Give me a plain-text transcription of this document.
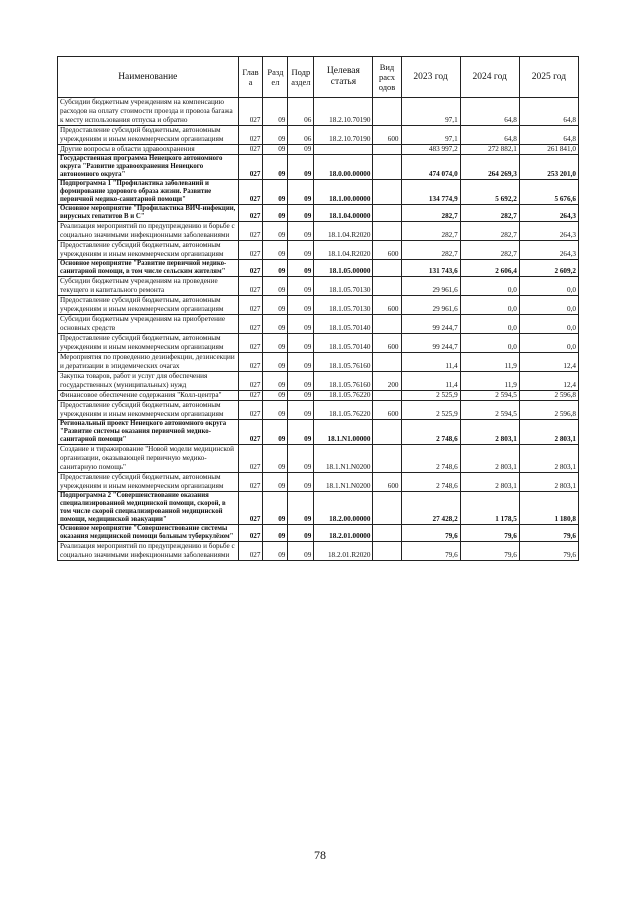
Наименование	Глав а	Разд ел	Подр аздел	Целевая статья	Вид расх одов	2023 год	2024 год	2025 год
Субсидии бюджетным учреждениям на компенсацию расходов на оплату стоимости проезда и провоза багажа к месту использования отпуска и обратно	027	09	06	18.2.10.70190		97,1	64,8	64,8
Предоставление субсидий бюджетным, автономным учреждениям и иным некоммерческим организациям	027	09	06	18.2.10.70190	600	97,1	64,8	64,8
Другие вопросы в области здравоохранения	027	09	09			483 997,2	272 882,1	261 841,0
Государственная программа Ненецкого автономного округа "Развитие здравоохранения Ненецкого автономного округа"	027	09	09	18.0.00.00000		474 074,0	264 269,3	253 201,0
Подпрограмма 1 "Профилактика заболеваний и формирование здорового образа жизни. Развитие первичной медико-санитарной помощи"	027	09	09	18.1.00.00000		134 774,9	5 692,2	5 676,6
Основное мероприятие "Профилактика ВИЧ-инфекции, вирусных гепатитов В и С"	027	09	09	18.1.04.00000		282,7	282,7	264,3
Реализация мероприятий по предупреждению и борьбе с социально значимыми инфекционными заболеваниями	027	09	09	18.1.04.R2020		282,7	282,7	264,3
Предоставление субсидий бюджетным, автономным учреждениям и иным некоммерческим организациям	027	09	09	18.1.04.R2020	600	282,7	282,7	264,3
Основное мероприятие "Развитие первичной медико-санитарной помощи, в том числе сельским жителям"	027	09	09	18.1.05.00000		131 743,6	2 606,4	2 609,2
Субсидии бюджетным учреждениям на проведение текущего и капитального ремонта	027	09	09	18.1.05.70130		29 961,6	0,0	0,0
Предоставление субсидий бюджетным, автономным учреждениям и иным некоммерческим организациям	027	09	09	18.1.05.70130	600	29 961,6	0,0	0,0
Субсидии бюджетным учреждениям на приобретение основных средств	027	09	09	18.1.05.70140		99 244,7	0,0	0,0
Предоставление субсидий бюджетным, автономным учреждениям и иным некоммерческим организациям	027	09	09	18.1.05.70140	600	99 244,7	0,0	0,0
Мероприятия по проведению дезинфекции, дезинсекции и дератизации в эпидемических очагах	027	09	09	18.1.05.76160		11,4	11,9	12,4
Закупка товаров, работ и услуг для обеспечения государственных (муниципальных) нужд	027	09	09	18.1.05.76160	200	11,4	11,9	12,4
Финансовое обеспечение содержания "Колл-центра"	027	09	09	18.1.05.76220		2 525,9	2 594,5	2 596,8
Предоставление субсидий бюджетным, автономным учреждениям и иным некоммерческим организациям	027	09	09	18.1.05.76220	600	2 525,9	2 594,5	2 596,8
Региональный проект Ненецкого автономного округа "Развитие системы оказания первичной медико-санитарной помощи"	027	09	09	18.1.N1.00000		2 748,6	2 803,1	2 803,1
Создание и тиражирование "Новой модели медицинской организации, оказывающей первичную медико-санитарную помощь"	027	09	09	18.1.N1.N0200		2 748,6	2 803,1	2 803,1
Предоставление субсидий бюджетным, автономным учреждениям и иным некоммерческим организациям	027	09	09	18.1.N1.N0200	600	2 748,6	2 803,1	2 803,1
Подпрограмма 2 "Совершенствование оказания специализированной медицинской помощи, скорой, в том числе скорой специализированной медицинской помощи, медицинской эвакуации"	027	09	09	18.2.00.00000		27 428,2	1 178,5	1 180,8
Основное мероприятие "Совершенствование системы оказания медицинской помощи больным туберкулёзом"	027	09	09	18.2.01.00000		79,6	79,6	79,6
Реализация мероприятий по предупреждению и борьбе с социально значимыми инфекционными заболеваниями	027	09	09	18.2.01.R2020		79,6	79,6	79,6
78
